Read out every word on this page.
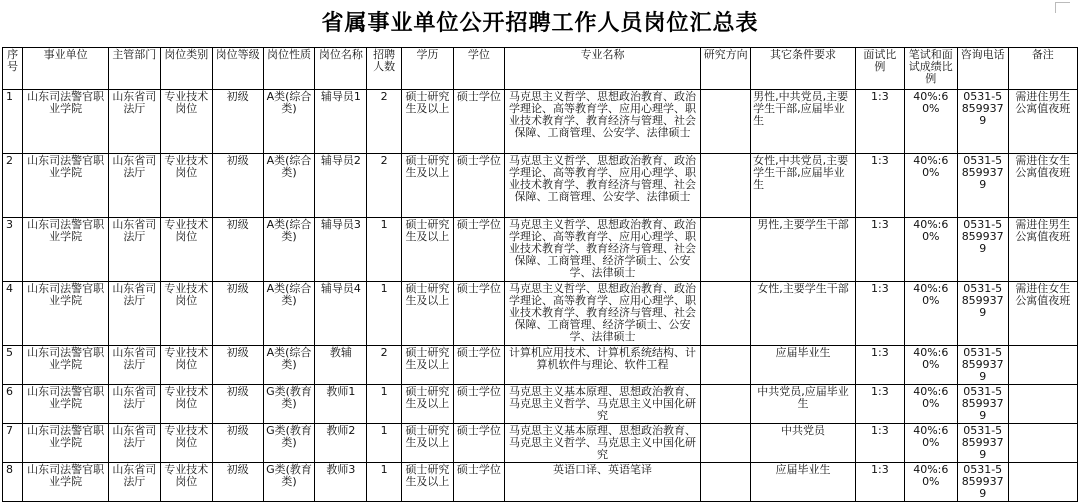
省属事业单位公开招聘工作人员岗位汇总表
序号	事业单位	主管部门	岗位类别	岗位等级	岗位性质	岗位名称	招聘人数	学历	学位	专业名称	研究方向	其它条件要求	面试比例	笔试和面试成绩比例	咨询电话	备注
1	山东司法警官职业学院	山东省司法厅	专业技术岗位	初级	A类(综合类)	辅导员1	2	硕士研究生及以上	硕士学位	马克思主义哲学、思想政治教育、政治学理论、高等教育学、应用心理学、职业技术教育学、教育经济与管理、社会保障、工商管理、公安学、法律硕士		男性,中共党员,主要学生干部,应届毕业生	1:3	40%:60%	0531-58599379	需进住男生公寓值夜班
2	山东司法警官职业学院	山东省司法厅	专业技术岗位	初级	A类(综合类)	辅导员2	2	硕士研究生及以上	硕士学位	马克思主义哲学、思想政治教育、政治学理论、高等教育学、应用心理学、职业技术教育学、教育经济与管理、社会保障、工商管理、公安学、法律硕士		女性,中共党员,主要学生干部,应届毕业生	1:3	40%:60%	0531-58599379	需进住女生公寓值夜班
3	山东司法警官职业学院	山东省司法厅	专业技术岗位	初级	A类(综合类)	辅导员3	1	硕士研究生及以上	硕士学位	马克思主义哲学、思想政治教育、政治学理论、高等教育学、应用心理学、职业技术教育学、教育经济与管理、社会保障、工商管理、经济学硕士、公安学、法律硕士		男性,主要学生干部	1:3	40%:60%	0531-58599379	需进住男生公寓值夜班
4	山东司法警官职业学院	山东省司法厅	专业技术岗位	初级	A类(综合类)	辅导员4	1	硕士研究生及以上	硕士学位	马克思主义哲学、思想政治教育、政治学理论、高等教育学、应用心理学、职业技术教育学、教育经济与管理、社会保障、工商管理、经济学硕士、公安学、法律硕士		女性,主要学生干部	1:3	40%:60%	0531-58599379	需进住女生公寓值夜班
5	山东司法警官职业学院	山东省司法厅	专业技术岗位	初级	A类(综合类)	教辅	2	硕士研究生及以上	硕士学位	计算机应用技术、计算机系统结构、计算机软件与理论、软件工程		应届毕业生	1:3	40%:60%	0531-58599379	
6	山东司法警官职业学院	山东省司法厅	专业技术岗位	初级	G类(教育类)	教师1	1	硕士研究生及以上	硕士学位	马克思主义基本原理、思想政治教育、马克思主义哲学、马克思主义中国化研究		中共党员,应届毕业生	1:3	40%:60%	0531-58599379	
7	山东司法警官职业学院	山东省司法厅	专业技术岗位	初级	G类(教育类)	教师2	1	硕士研究生及以上	硕士学位	马克思主义基本原理、思想政治教育、马克思主义哲学、马克思主义中国化研究		中共党员	1:3	40%:60%	0531-58599379	
8	山东司法警官职业学院	山东省司法厅	专业技术岗位	初级	G类(教育类)	教师3	1	硕士研究生及以上	硕士学位	英语口译、英语笔译		应届毕业生	1:3	40%:60%	0531-58599379	
